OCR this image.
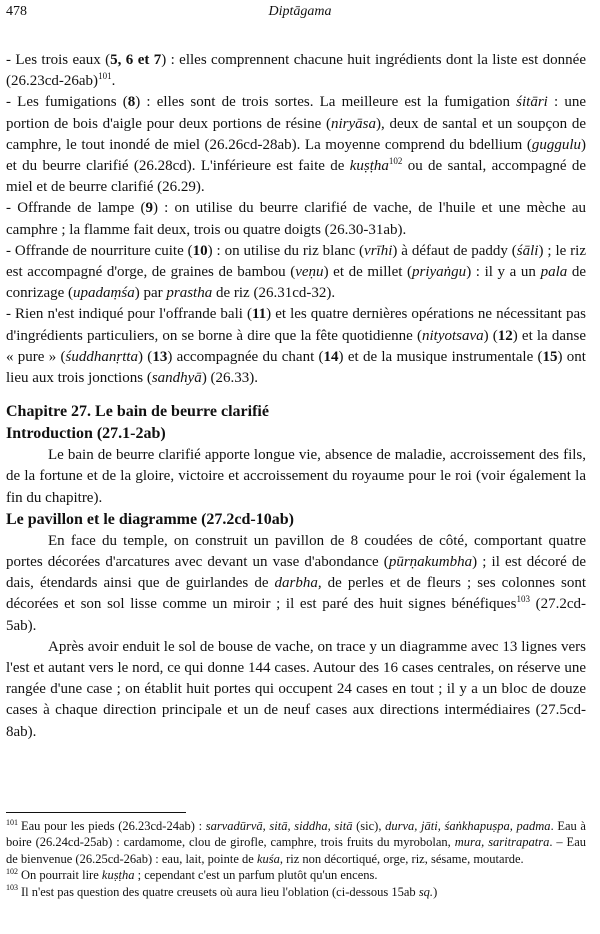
478	Diptāgama

- Les trois eaux (5, 6 et 7) : elles comprennent chacune huit ingrédients dont la liste est donnée $(26.23cd-26ab)^{101}$.

- Les fumigations (8) : elles sont de trois sortes. La meilleure est la fumigation śitāri : une portion de bois d'aigle pour deux portions de résine (niryāsa), deux de santal et un soupçon de camphre, le tout inondé de miel (26.26cd-28ab). La moyenne comprend du bdellium (guggulu) et du beurre clarifié (26.28cd). L'inférieure est faite de kuṣṭha$^{102}$ ou de santal, accompagné de miel et de beurre clarifié (26.29).

- Offrande de lampe (9) : on utilise du beurre clarifié de vache, de l'huile et une mèche au camphre ; la flamme fait deux, trois ou quatre doigts (26.30-31ab).

- Offrande de nourriture cuite (10) : on utilise du riz blanc (vrīhi) à défaut de paddy (śāli) ; le riz est accompagné d'orge, de graines de bambou (veṇu) et de millet (priyaṅgu) : il y a un pala de conrizage (upadaṃśa) par prastha de riz (26.31cd-32).

- Rien n'est indiqué pour l'offrande bali (11) et les quatre dernières opérations ne nécessitant pas d'ingrédients particuliers, on se borne à dire que la fête quotidienne (nityotsava) (12) et la danse « pure » (śuddhanṛtta) (13) accompagnée du chant (14) et de la musique instrumentale (15) ont lieu aux trois jonctions (sandhyā) (26.33).

Chapitre 27. Le bain de beurre clarifié

Introduction (27.1-2ab)

Le bain de beurre clarifié apporte longue vie, absence de maladie, accroissement des fils, de la fortune et de la gloire, victoire et accroissement du royaume pour le roi (voir également la fin du chapitre).

Le pavillon et le diagramme (27.2cd-10ab)

En face du temple, on construit un pavillon de 8 coudées de côté, comportant quatre portes décorées d'arcatures avec devant un vase d'abondance (pūrṇakumbha) ; il est décoré de dais, étendards ainsi que de guirlandes de darbha, de perles et de fleurs ; ses colonnes sont décorées et son sol lisse comme un miroir ; il est paré des huit signes bénéfiques$^{103}$ (27.2cd-5ab).

Après avoir enduit le sol de bouse de vache, on trace y un diagramme avec 13 lignes vers l'est et autant vers le nord, ce qui donne 144 cases. Autour des 16 cases centrales, on réserve une rangée d'une case ; on établit huit portes qui occupent 24 cases en tout ; il y a un bloc de douze cases à chaque direction principale et un de neuf cases aux directions intermédiaires (27.5cd-8ab).

$^{101}$ Eau pour les pieds (26.23cd-24ab) : sarvadūrvā, sitā, siddha, sitā (sic), durva, jāti, śaṅkhapuṣpa, padma. Eau à boire (26.24cd-25ab) : cardamome, clou de girofle, camphre, trois fruits du myrobolan, mura, saritrapatra. – Eau de bienvenue (26.25cd-26ab) : eau, lait, pointe de kuśa, riz non décortiqué, orge, riz, sésame, moutarde.

$^{102}$ On pourrait lire kuṣṭha ; cependant c'est un parfum plutôt qu'un encens.

$^{103}$ Il n'est pas question des quatre creusets où aura lieu l'oblation (ci-dessous 15ab sq.)
